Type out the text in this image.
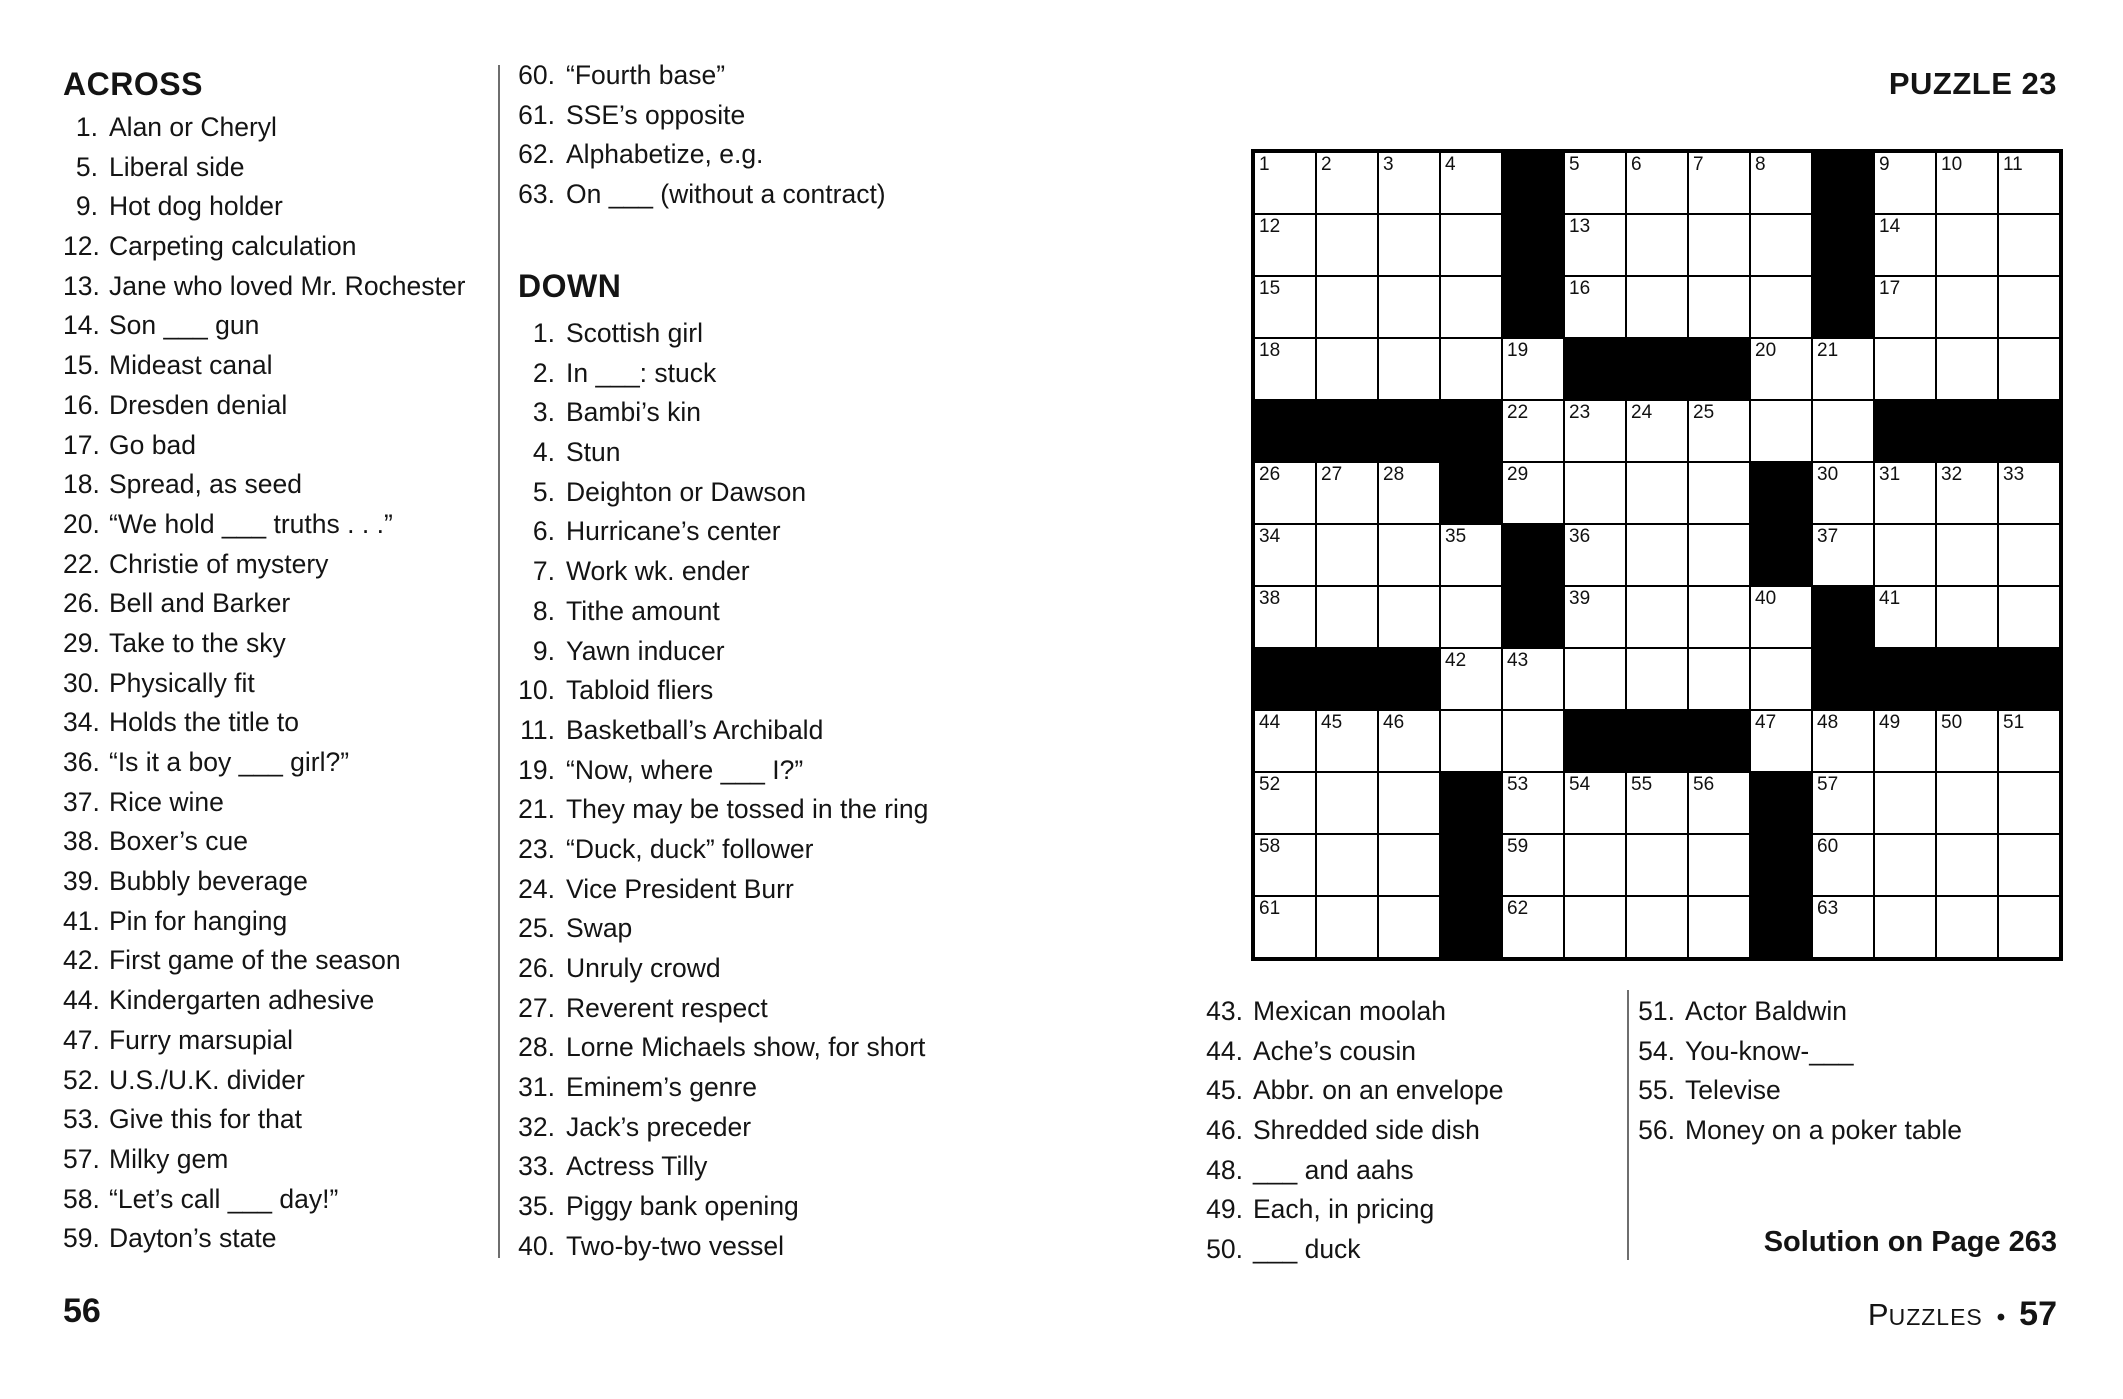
ACROSS
1. Alan or Cheryl
5. Liberal side
9. Hot dog holder
12. Carpeting calculation
13. Jane who loved Mr. Rochester
14. Son ___ gun
15. Mideast canal
16. Dresden denial
17. Go bad
18. Spread, as seed
20. “We hold ___ truths . . .”
22. Christie of mystery
26. Bell and Barker
29. Take to the sky
30. Physically fit
34. Holds the title to
36. “Is it a boy ___ girl?”
37. Rice wine
38. Boxer’s cue
39. Bubbly beverage
41. Pin for hanging
42. First game of the season
44. Kindergarten adhesive
47. Furry marsupial
52. U.S./U.K. divider
53. Give this for that
57. Milky gem
58. “Let’s call ___ day!”
59. Dayton’s state
60. “Fourth base”
61. SSE’s opposite
62. Alphabetize, e.g.
63. On ___ (without a contract)
DOWN
1. Scottish girl
2. In ___: stuck
3. Bambi’s kin
4. Stun
5. Deighton or Dawson
6. Hurricane’s center
7. Work wk. ender
8. Tithe amount
9. Yawn inducer
10. Tabloid fliers
11. Basketball’s Archibald
19. “Now, where ___ I?”
21. They may be tossed in the ring
23. “Duck, duck” follower
24. Vice President Burr
25. Swap
26. Unruly crowd
27. Reverent respect
28. Lorne Michaels show, for short
31. Eminem’s genre
32. Jack’s preceder
33. Actress Tilly
35. Piggy bank opening
40. Two-by-two vessel
PUZZLE 23
1	2	3	4	5	6	7	8	9	10 11
12	13	14
15	16	17
18	19	20 21
22 23 24 25
26 27 28	29	30 31 32 33
34	35	36	37
38	39	40	41
42 43
44 45 46	47 48 49 50 51
52	53 54 55 56	57
58	59	60
61	62	63
43. Mexican moolah
44. Ache’s cousin
45. Abbr. on an envelope
46. Shredded side dish
48. ___ and aahs
49. Each, in pricing
50. ___ duck
51. Actor Baldwin
54. You-know-___
55. Televise
56. Money on a poker table
Solution on Page 263
56	PUZZLES • 57
